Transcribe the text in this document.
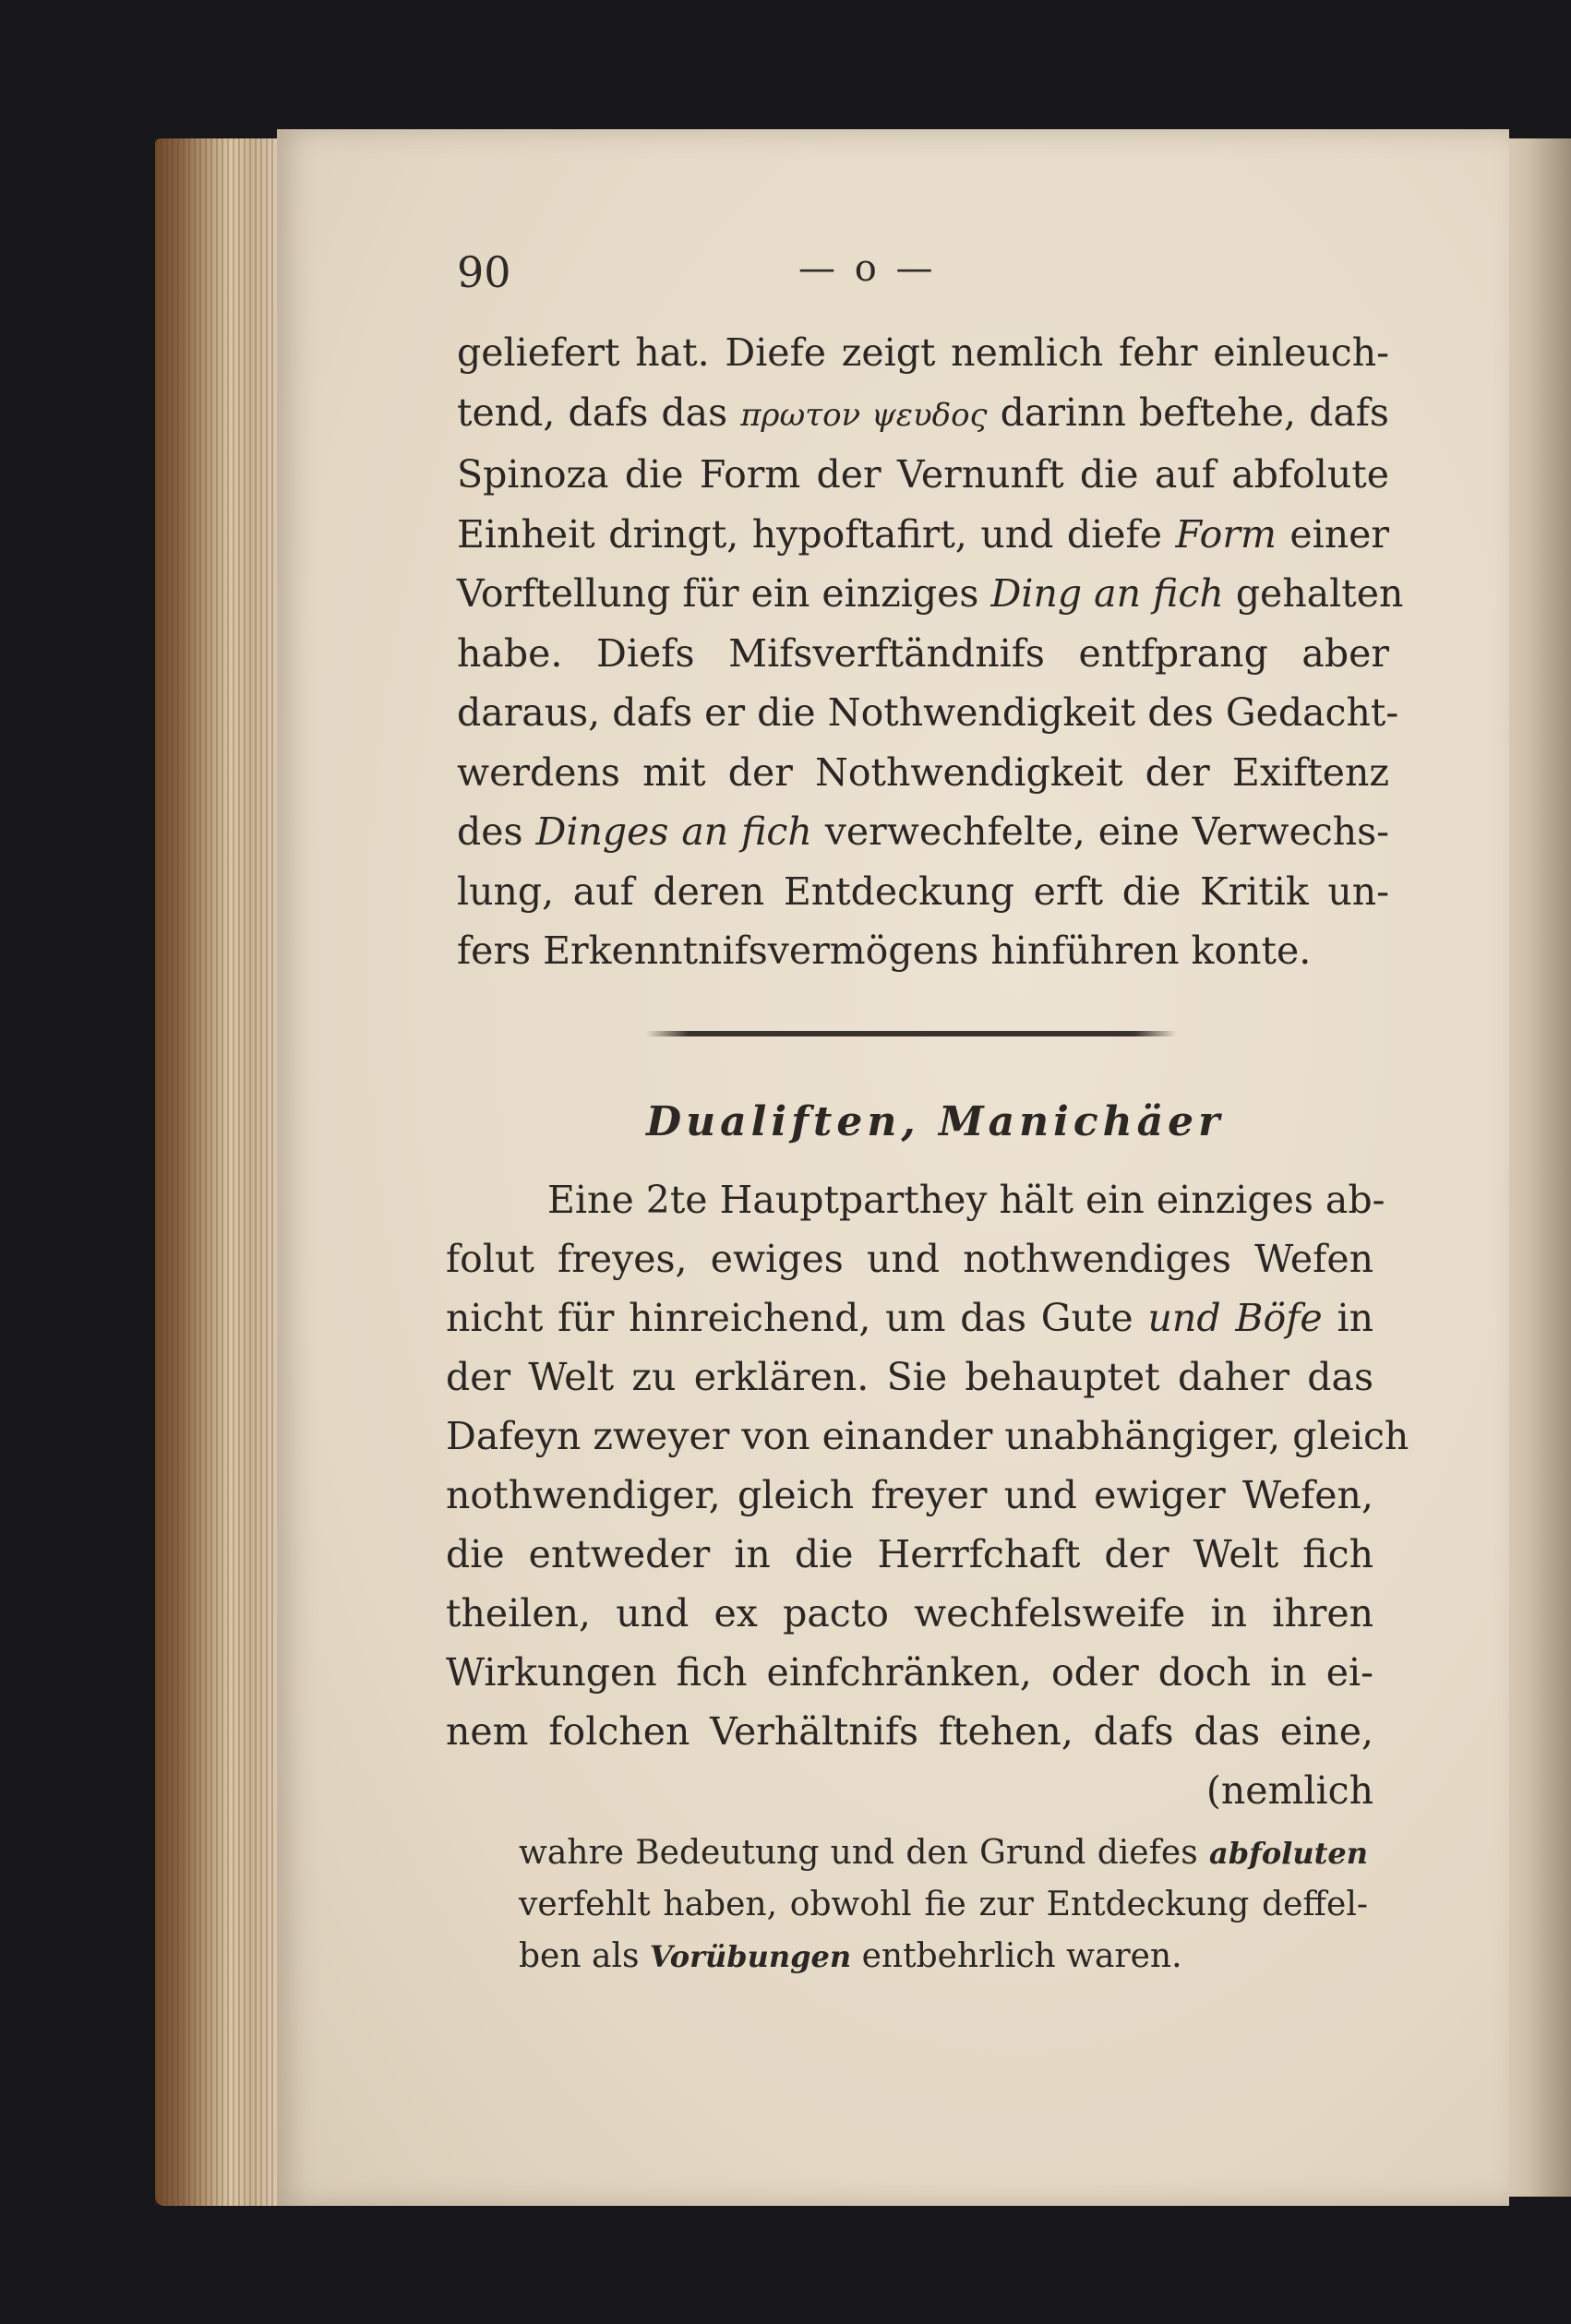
90	— o —
geliefert hat. Diefe zeigt nemlich fehr einleuch-
tend, dafs das πρωτον ψευδος darinn beftehe, dafs
Spinoza die Form der Vernunft die auf abfolute
Einheit dringt, hypoftafirt, und diefe Form einer
Vorftellung für ein einziges Ding an fich gehalten
habe. Diefs Mifsverftändnifs entfprang aber
daraus, dafs er die Nothwendigkeit des Gedacht-
werdens mit der Nothwendigkeit der Exiftenz
des Dinges an fich verwechfelte, eine Verwechs-
lung, auf deren Entdeckung erft die Kritik un-
fers Erkenntnifsvermögens hinführen konte.
Dualiften, Manichäer
Eine 2te Hauptparthey hält ein einziges ab-
folut freyes, ewiges und nothwendiges Wefen
nicht für hinreichend, um das Gute und Böfe in
der Welt zu erklären. Sie behauptet daher das
Dafeyn zweyer von einander unabhängiger, gleich
nothwendiger, gleich freyer und ewiger Wefen,
die entweder in die Herrfchaft der Welt fich
theilen, und ex pacto wechfelsweife in ihren
Wirkungen fich einfchränken, oder doch in ei-
nem folchen Verhältnifs ftehen, dafs das eine,
(nemlich
wahre Bedeutung und den Grund diefes abfoluten
verfehlt haben, obwohl fie zur Entdeckung deffel-
ben als Vorübungen entbehrlich waren.
